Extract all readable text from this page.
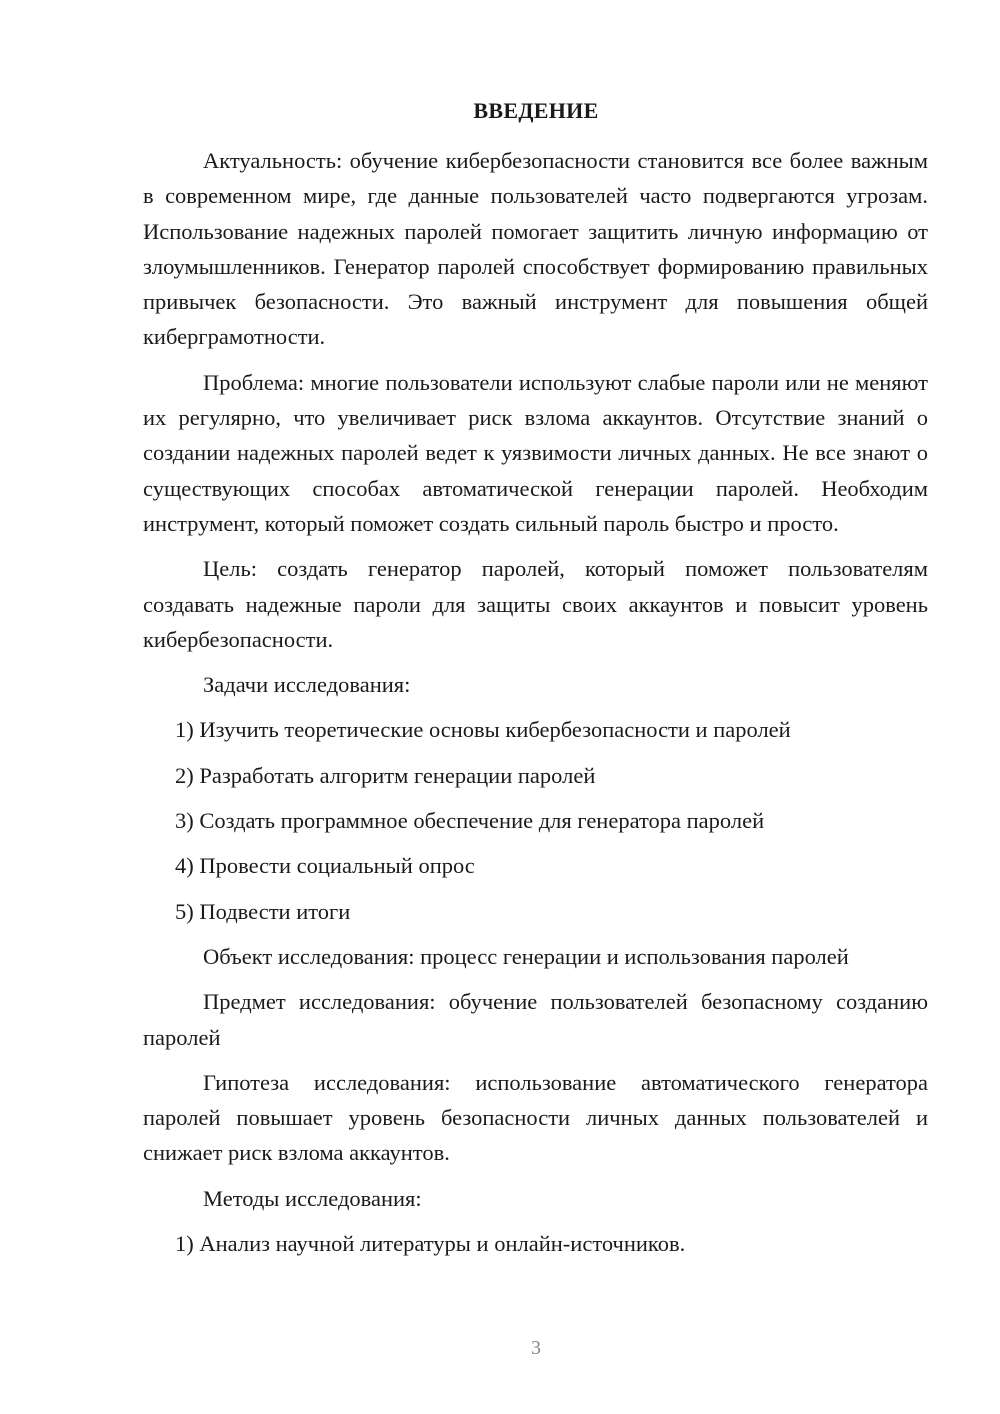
ВВЕДЕНИЕ

Актуальность: обучение кибербезопасности становится все более важным в современном мире, где данные пользователей часто подвергаются угрозам. Использование надежных паролей помогает защитить личную информацию от злоумышленников. Генератор паролей способствует формированию правильных привычек безопасности. Это важный инструмент для повышения общей киберграмотности.

Проблема: многие пользователи используют слабые пароли или не меняют их регулярно, что увеличивает риск взлома аккаунтов. Отсутствие знаний о создании надежных паролей ведет к уязвимости личных данных. Не все знают о существующих способах автоматической генерации паролей. Необходим инструмент, который поможет создать сильный пароль быстро и просто.

Цель: создать генератор паролей, который поможет пользователям создавать надежные пароли для защиты своих аккаунтов и повысит уровень кибербезопасности.

Задачи исследования:

1) Изучить теоретические основы кибербезопасности и паролей
2) Разработать алгоритм генерации паролей
3) Создать программное обеспечение для генератора паролей
4) Провести социальный опрос
5) Подвести итоги

Объект исследования: процесс генерации и использования паролей

Предмет исследования: обучение пользователей безопасному созданию паролей

Гипотеза исследования: использование автоматического генератора паролей повышает уровень безопасности личных данных пользователей и снижает риск взлома аккаунтов.

Методы исследования:

1) Анализ научной литературы и онлайн-источников.
3
